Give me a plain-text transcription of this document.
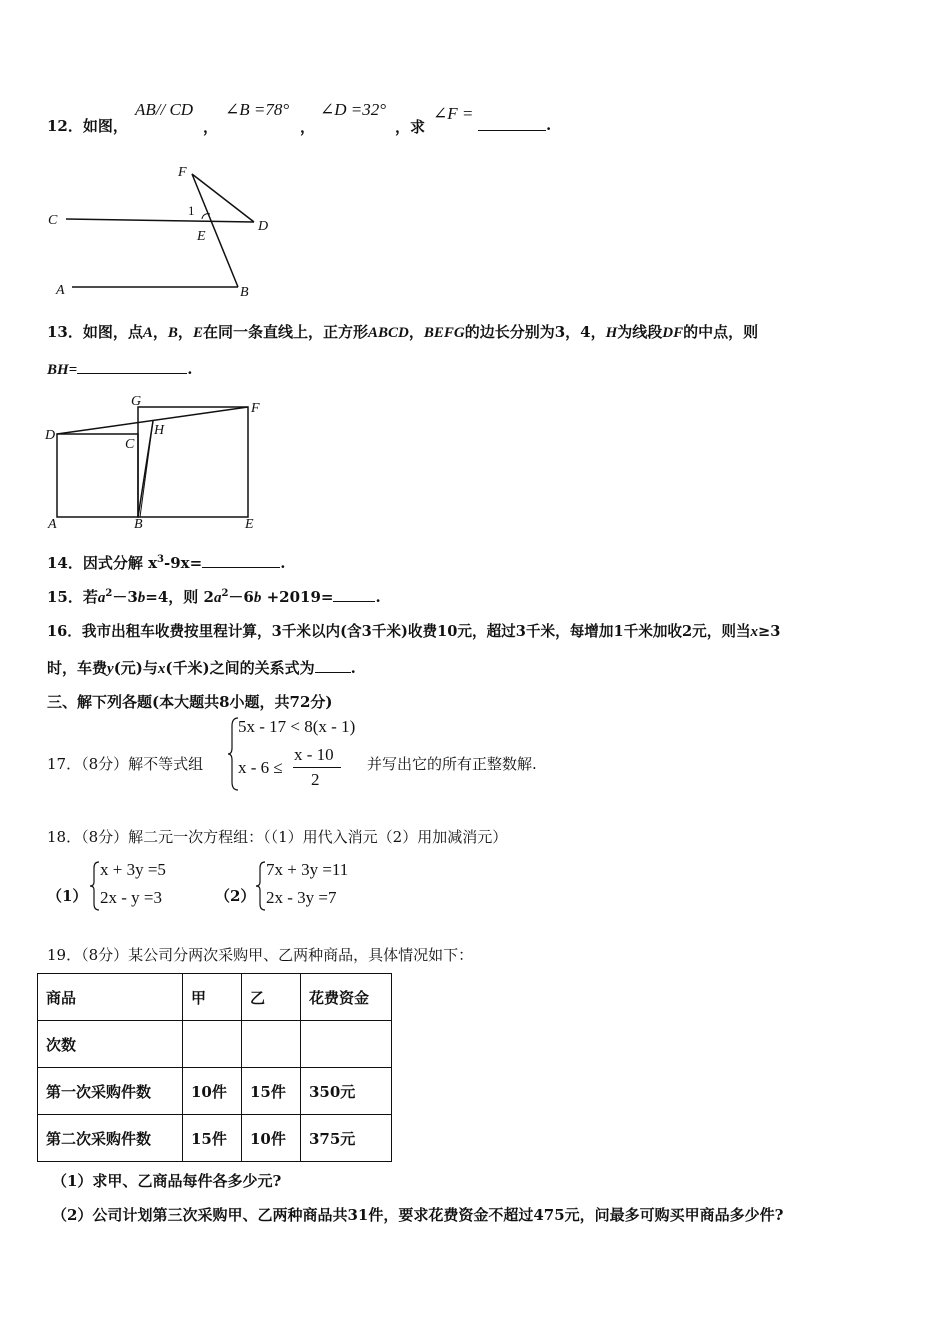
12．如图，
AB// CD
，
∠B =78°
，
∠D =32°
，求
∠F =
.
F
C
1
E
D
A	B
13．如图，点A，B，E在同一条直线上，正方形ABCD，BEFG的边长分别为3，4，H为线段DF的中点，则
BH=	.
G	F
D	H
C
A	B	E
14．因式分解 $x^3-9x=$	.
15．若$a^2-3b=4$，则 $2a^2-6b +2019=$	.
16．我市出租车收费按里程计算，3千米以内(含3千米)收费10元，超过3千米，每增加1千米加收2元，则当x≥3
时，车费y(元)与x(千米)之间的关系式为 .
三、解下列各题(本大题共8小题，共72分)
17．（8分）解不等式组
5x - 17 < 8(x - 1)
x - 6 ≤
x - 10
2
并写出它的所有正整数解.
18．（8分）解二元一次方程组：（（1）用代入消元（2）用加减消元）
（1）
x + 3y =5
2x - y =3	（2）
7x + 3y =11
2x - 3y =7
19．（8分）某公司分两次采购甲、乙两种商品，具体情况如下：
商品	甲	乙	花费资金
次数			
第一次采购件数	10件	15件	350元
第二次采购件数	15件	10件	375元
（1）求甲、乙商品每件各多少元?
（2）公司计划第三次采购甲、乙两种商品共31件，要求花费资金不超过475元，问最多可购买甲商品多少件?
